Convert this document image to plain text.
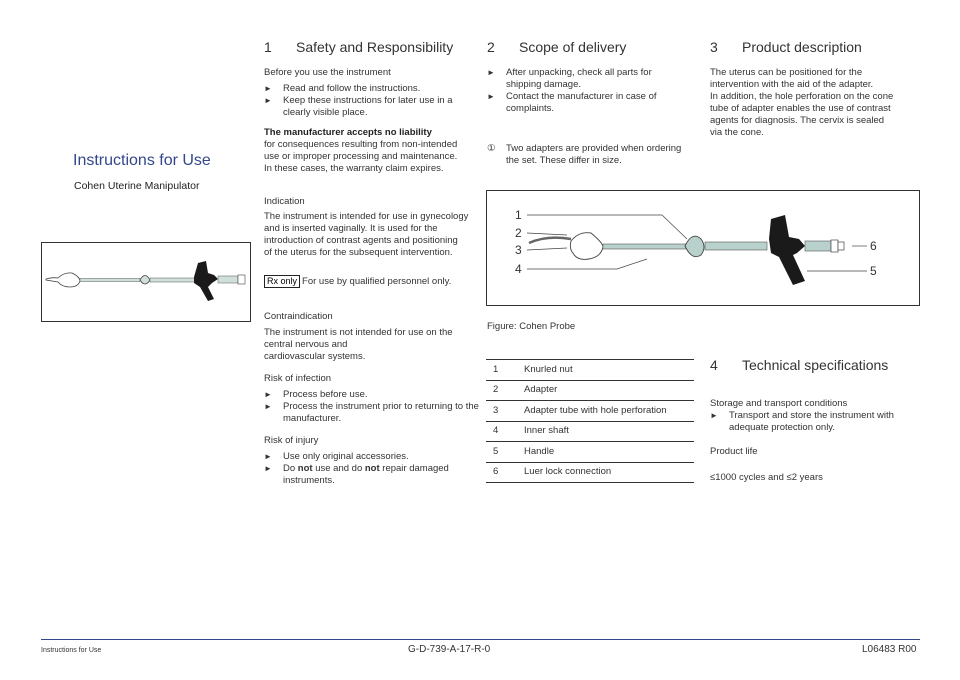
Instructions for Use
Cohen Uterine Manipulator
1 Safety and Responsibility
Before you use the instrument
► Read and follow the instructions.
► Keep these instructions for later use in a clearly visible place.
The manufacturer accepts no liability
for consequences resulting from non-intended
use or improper processing and maintenance.
In these cases, the warranty claim expires.
Indication
The instrument is intended for use in gynecology
and is inserted vaginally. It is used for the
introduction of contrast agents and positioning
of the uterus for the subsequent intervention.
Rx only For use by qualified personnel only.
Contraindication
The instrument is not intended for use on the
central nervous and
cardiovascular systems.
Risk of infection
► Process before use.
► Process the instrument prior to returning to the manufacturer.
Risk of injury
► Use only original accessories.
► Do not use and do not repair damaged instruments.
2 Scope of delivery
► After unpacking, check all parts for shipping damage.
► Contact the manufacturer in case of complaints.
① Two adapters are provided when ordering the set. These differ in size.
3 Product description
The uterus can be positioned for the
intervention with the aid of the adapter.
In addition, the hole perforation on the cone
tube of adapter enables the use of contrast
agents for diagnosis. The cervix is sealed
via the cone.
1
2
3
4
6
5
Figure: Cohen Probe
1	Knurled nut
2	Adapter
3	Adapter tube with hole perforation
4	Inner shaft
5	Handle
6	Luer lock connection
4 Technical specifications
Storage and transport conditions
► Transport and store the instrument with adequate protection only.
Product life
≤1000 cycles and ≤2 years
Instructions for Use	G-D-739-A-17-R-0	L06483 R00
